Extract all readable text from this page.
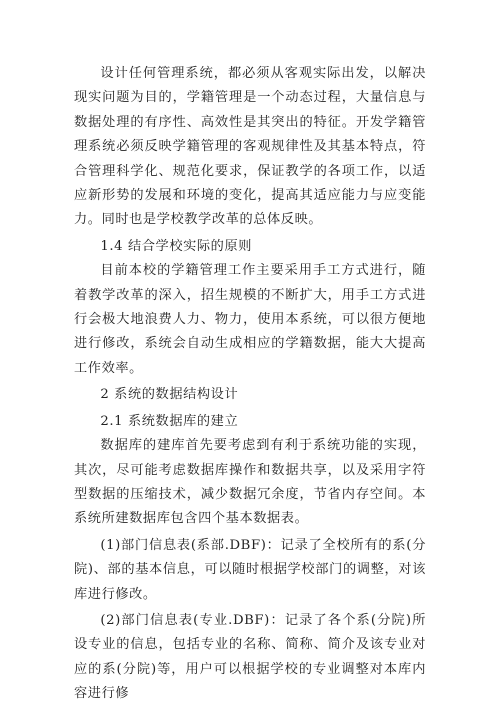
设计任何管理系统，都必须从客观实际出发，以解决现实问题为目的，学籍管理是一个动态过程，大量信息与数据处理的有序性、高效性是其突出的特征。开发学籍管理系统必须反映学籍管理的客观规律性及其基本特点，符合管理科学化、规范化要求，保证教学的各项工作，以适应新形势的发展和环境的变化，提高其适应能力与应变能力。同时也是学校教学改革的总体反映。

1.4 结合学校实际的原则

目前本校的学籍管理工作主要采用手工方式进行，随着教学改革的深入，招生规模的不断扩大，用手工方式进行会极大地浪费人力、物力，使用本系统，可以很方便地进行修改，系统会自动生成相应的学籍数据，能大大提高工作效率。

2 系统的数据结构设计

2.1 系统数据库的建立

数据库的建库首先要考虑到有利于系统功能的实现，其次，尽可能考虑数据库操作和数据共享，以及采用字符型数据的压缩技术，减少数据冗余度，节省内存空间。本系统所建数据库包含四个基本数据表。

(1)部门信息表(系部.DBF)：记录了全校所有的系(分院)、部的基本信息，可以随时根据学校部门的调整，对该库进行修改。

(2)部门信息表(专业.DBF)：记录了各个系(分院)所设专业的信息，包括专业的名称、简称、简介及该专业对应的系(分院)等，用户可以根据学校的专业调整对本库内容进行修
